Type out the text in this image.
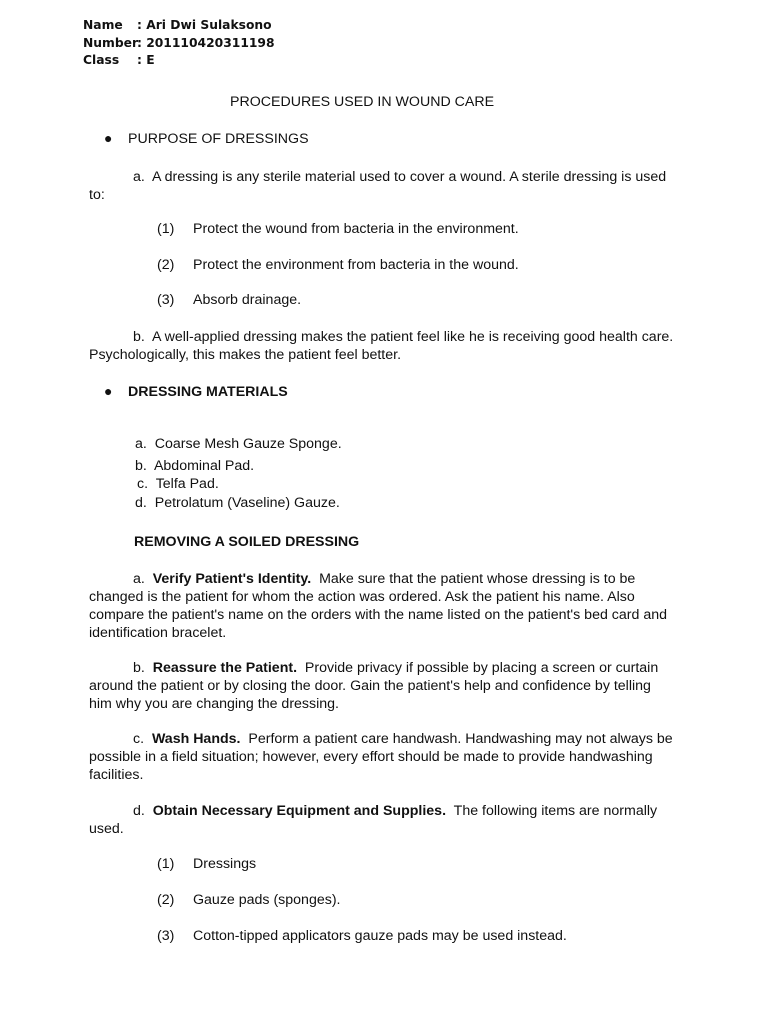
Name : Ari Dwi Sulaksono
Number: 201110420311198
Class : E
PROCEDURES USED IN WOUND CARE
● PURPOSE OF DRESSINGS
a. A dressing is any sterile material used to cover a wound. A sterile dressing is used to:
(1) Protect the wound from bacteria in the environment.
(2) Protect the environment from bacteria in the wound.
(3) Absorb drainage.
b. A well-applied dressing makes the patient feel like he is receiving good health care. Psychologically, this makes the patient feel better.
● DRESSING MATERIALS
a. Coarse Mesh Gauze Sponge.
b. Abdominal Pad.
c. Telfa Pad.
d. Petrolatum (Vaseline) Gauze.
REMOVING A SOILED DRESSING
a. Verify Patient's Identity. Make sure that the patient whose dressing is to be changed is the patient for whom the action was ordered. Ask the patient his name. Also compare the patient's name on the orders with the name listed on the patient's bed card and identification bracelet.
b. Reassure the Patient. Provide privacy if possible by placing a screen or curtain around the patient or by closing the door. Gain the patient's help and confidence by telling him why you are changing the dressing.
c. Wash Hands. Perform a patient care handwash. Handwashing may not always be possible in a field situation; however, every effort should be made to provide handwashing facilities.
d. Obtain Necessary Equipment and Supplies. The following items are normally used.
(1) Dressings
(2) Gauze pads (sponges).
(3) Cotton-tipped applicators gauze pads may be used instead.
